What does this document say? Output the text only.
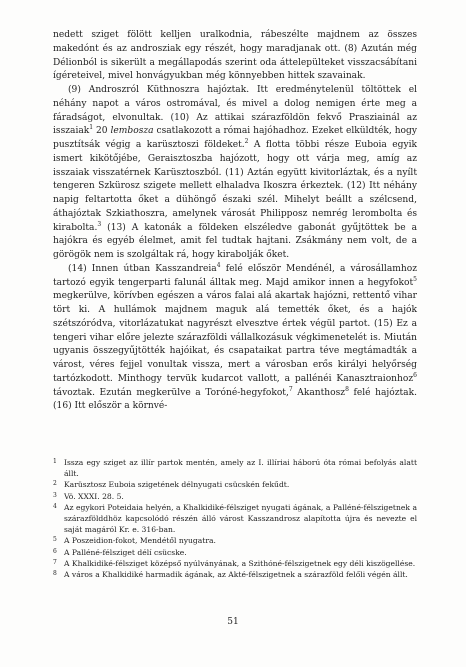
nedett sziget fölött kelljen uralkodnia, rábeszélte majdnem az összes makedónt és az androsziak egy részét, hogy maradjanak ott. (8) Azután még Délionból is sikerült a megállapodás szerint oda áttelepülteket visszacsábítani ígéreteivel, mivel honvágyukban még könnyebben hittek szavainak.

(9) Androszról Küthnoszra hajóztak. Itt eredménytelenül töltöttek el néhány napot a város ostromával, és mivel a dolog nemigen érte meg a fáradságot, elvonultak. (10) Az attikai szárazföldön fekvő Prasziainál az isszaiak$^1$ 20 lembosza csatlakozott a római hajóhadhoz. Ezeket elküldték, hogy pusztítsák végig a karüsztoszi földeket.$^2$ A flotta többi része Euboia egyik ismert kikötőjébe, Geraisztoszba hajózott, hogy ott várja meg, amíg az isszaiak visszatérnek Karüsztoszból. (11) Aztán együtt kivitorláztak, és a nyílt tengeren Szkürosz szigete mellett elhaladva Ikoszra érkeztek. (12) Itt néhány napig feltartotta őket a dühöngő északi szél. Mihelyt beállt a szélcsend, áthajóztak Szkiathoszra, amelynek városát Philipposz nemrég lerombolta és kirabolta.$^3$ (13) A katonák a földeken elszéledve gabonát gyűjtöttek be a hajókra és egyéb élelmet, amit fel tudtak hajtani. Zsákmány nem volt, de a görögök nem is szolgáltak rá, hogy kirabolják őket.

(14) Innen útban Kasszandreia$^4$ felé először Mendénél, a városállamhoz tartozó egyik tengerparti falunál álltak meg. Majd amikor innen a hegyfokot$^5$ megkerülve, körívben egészen a város falai alá akartak hajózni, rettentő vihar tört ki. A hullámok majdnem maguk alá temették őket, és a hajók szétszóródva, vitorlázatukat nagyrészt elvesztve értek végül partot. (15) Ez a tengeri vihar előre jelezte szárazföldi vállalkozásuk végkimenetelét is. Miután ugyanis összegyűjtötték hajóikat, és csapataikat partra téve megtámadták a várost, véres fejjel vonultak vissza, mert a városban erős királyi helyőrség tartózkodott. Minthogy tervük kudarcot vallott, a pallénéi Kanasztraionhoz$^6$ távoztak. Ezután megkerülve a Toróné-hegyfokot,$^7$ Akanthosz$^8$ felé hajóztak. (16) Itt először a körnvé-

1 Issza egy sziget az illír partok mentén, amely az I. illíriai háború óta római befolyás alatt állt.
2 Karüsztosz Euboia szigetének délnyugati csücskén fekűdt.
3 Vö. XXXI. 28. 5.
4 Az egykori Poteidaia helyén, a Khalkidiké-félsziget nyugati ágának, a Palléné-félszigetnek a szárazfölddhöz kapcsolódó részén álló várost Kasszandrosz alapította újra és nevezte el saját magáról Kr. e. 316-ban.
5 A Poszeidion-fokot, Mendétől nyugatra.
6 A Palléné-félsziget délí csücske.
7 A Khalkidiké-félsziget középső nyúlványának, a Szithóné-félszigetnek egy déli kiszögellése.
8 A város a Khalkidiké harmadik ágának, az Akté-félszigetnek a szárazföld felőli végén állt.
51
